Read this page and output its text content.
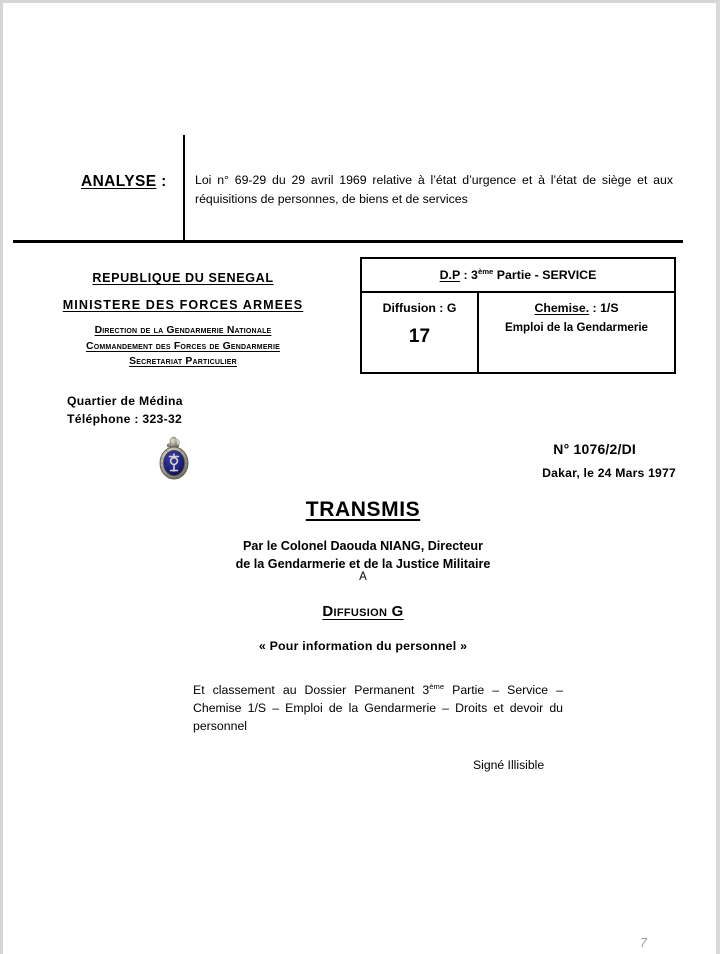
ANALYSE : Loi n° 69-29 du 29 avril 1969 relative à l’état d’urgence et à l’état de siège et aux réquisitions de personnes, de biens et de services
REPUBLIQUE DU SENEGAL
MINISTERE DES FORCES ARMEES
Direction de la Gendarmerie Nationale
Commandement des Forces de Gendarmerie
Secretariat Particulier
Quartier de Médina
Téléphone : 323-32
D.P : 3ème Partie - SERVICE
Diffusion : G
17
Chemise. : 1/S
Emploi de la Gendarmerie
N° 1076/2/DI
Dakar, le 24 Mars 1977
TRANSMIS
Par le Colonel Daouda NIANG, Directeur
de la Gendarmerie et de la Justice Militaire
A
Diffusion G
« Pour information du personnel »
Et classement au Dossier Permanent 3ème Partie – Service – Chemise 1/S – Emploi de la Gendarmerie – Droits et devoir du personnel
Signé Illisible
7
